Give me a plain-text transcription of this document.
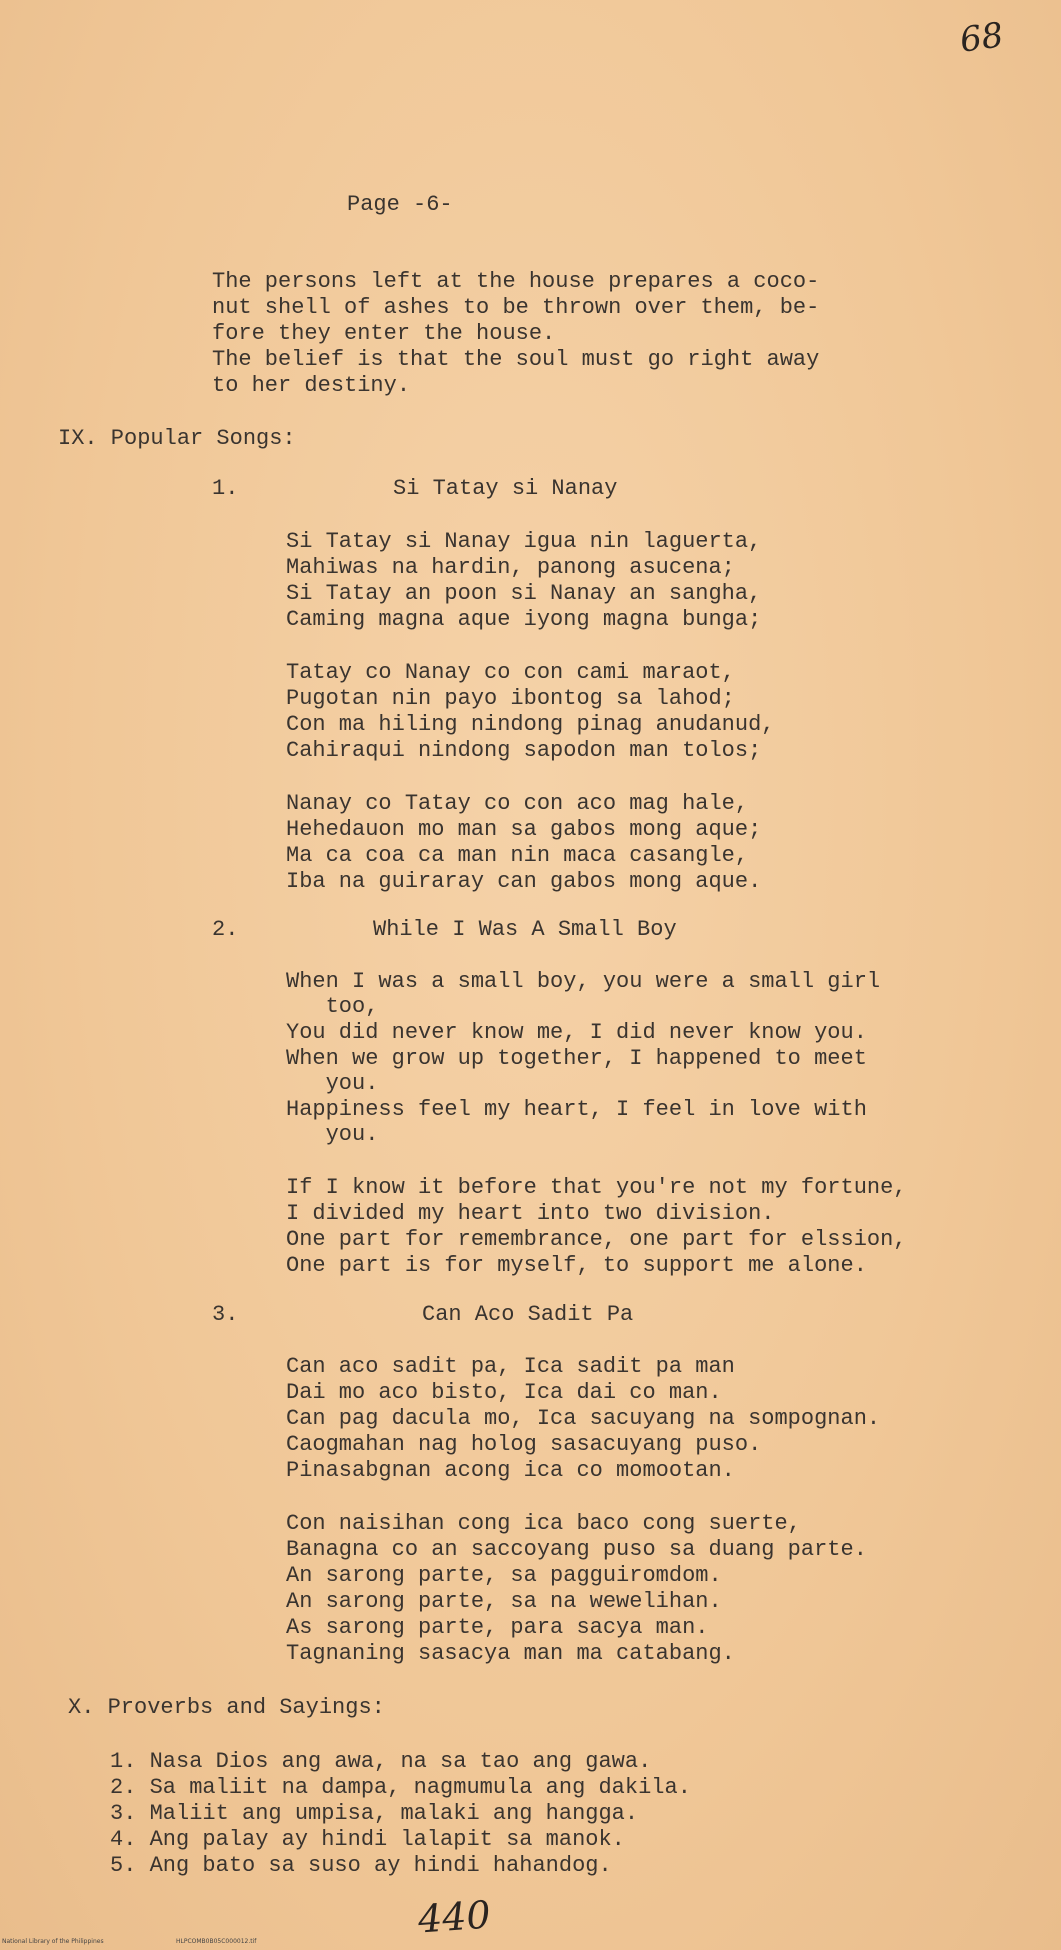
68
Page -6-
The persons left at the house prepares a coco-
nut shell of ashes to be thrown over them, be-
fore they enter the house.
The belief is that the soul must go right away
to her destiny.
IX. Popular Songs:
1.	Si Tatay si Nanay
Si Tatay si Nanay igua nin laguerta,
Mahiwas na hardin, panong asucena;
Si Tatay an poon si Nanay an sangha,
Caming magna aque iyong magna bunga;
Tatay co Nanay co con cami maraot,
Pugotan nin payo ibontog sa lahod;
Con ma hiling nindong pinag anudanud,
Cahiraqui nindong sapodon man tolos;
Nanay co Tatay co con aco mag hale,
Hehedauon mo man sa gabos mong aque;
Ma ca coa ca man nin maca casangle,
Iba na guiraray can gabos mong aque.
2.	While I Was A Small Boy
When I was a small boy, you were a small girl
too,
You did never know me, I did never know you.
When we grow up together, I happened to meet
you.
Happiness feel my heart, I feel in love with
you.
If I know it before that you're not my fortune,
I divided my heart into two division.
One part for remembrance, one part for elssion,
One part is for myself, to support me alone.
3.	Can Aco Sadit Pa
Can aco sadit pa, Ica sadit pa man
Dai mo aco bisto, Ica dai co man.
Can pag dacula mo, Ica sacuyang na sompognan.
Caogmahan nag holog sasacuyang puso.
Pinasabgnan acong ica co momootan.
Con naisihan cong ica baco cong suerte,
Banagna co an saccoyang puso sa duang parte.
An sarong parte, sa pagguiromdom.
An sarong parte, sa na wewelihan.
As sarong parte, para sacya man.
Tagnaning sasacya man ma catabang.
X. Proverbs and Sayings:
1. Nasa Dios ang awa, na sa tao ang gawa.
2. Sa maliit na dampa, nagmumula ang dakila.
3. Maliit ang umpisa, malaki ang hangga.
4. Ang palay ay hindi lalapit sa manok.
5. Ang bato sa suso ay hindi hahandog.
440
National Library of the Philippines	HLPCOMB0B05C000012.tif
